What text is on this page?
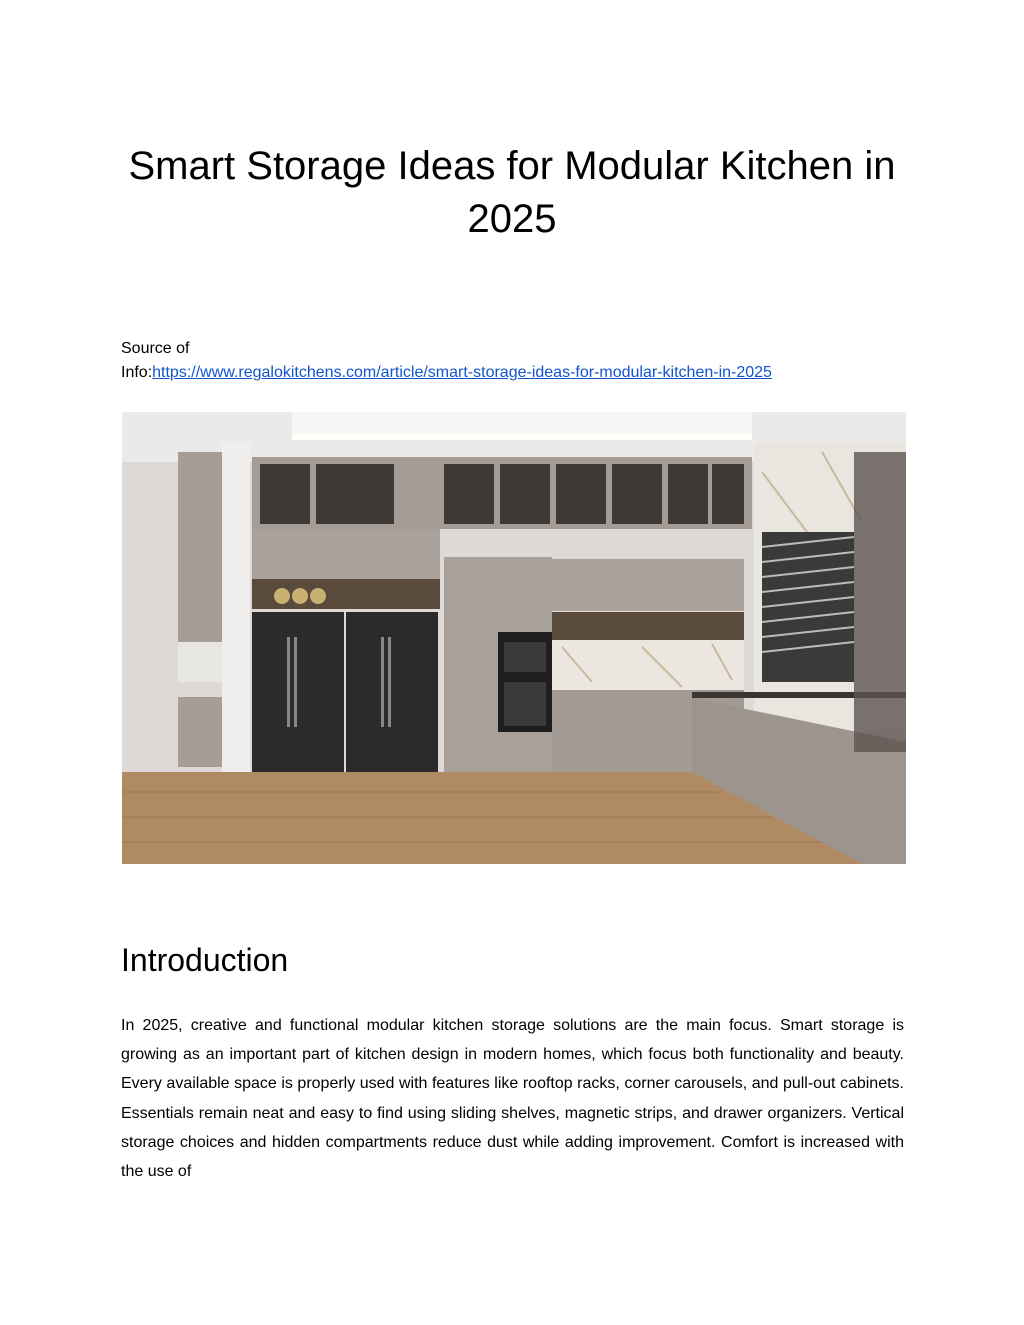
Smart Storage Ideas for Modular Kitchen in 2025
Source of
Info:https://www.regalokitchens.com/article/smart-storage-ideas-for-modular-kitchen-in-2025
Introduction

In 2025, creative and functional modular kitchen storage solutions are the main focus. Smart storage is growing as an important part of kitchen design in modern homes, which focus both functionality and beauty. Every available space is properly used with features like rooftop racks, corner carousels, and pull-out cabinets. Essentials remain neat and easy to find using sliding shelves, magnetic strips, and drawer organizers. Vertical storage choices and hidden compartments reduce dust while adding improvement. Comfort is increased with the use of
